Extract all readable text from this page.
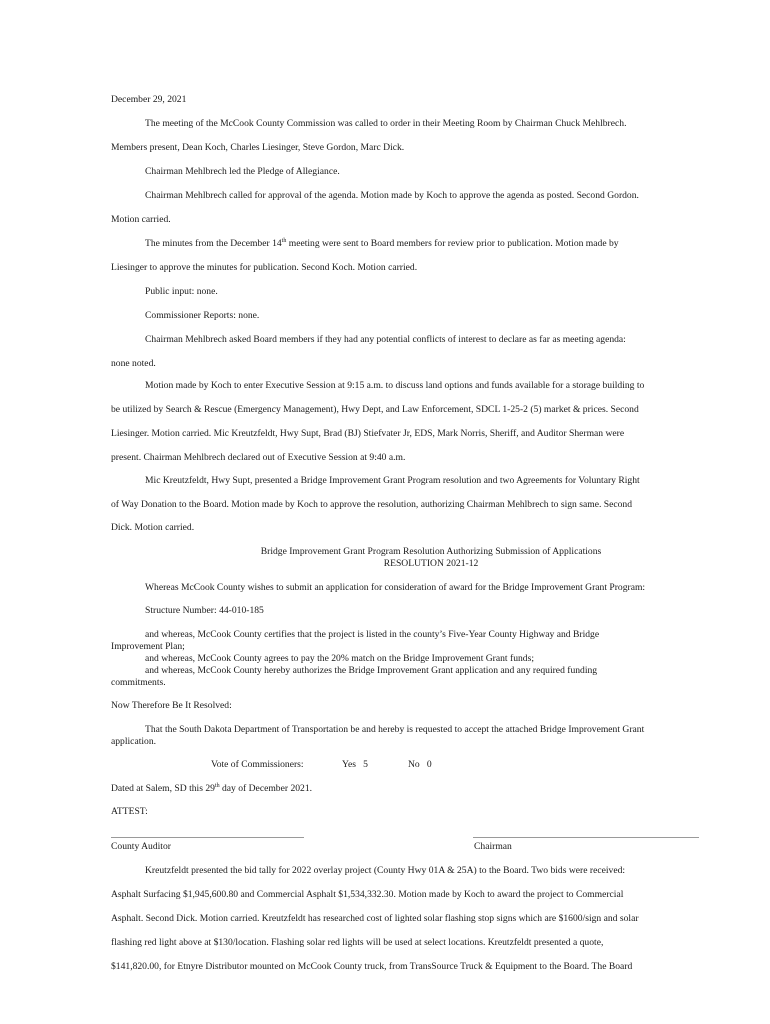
December 29, 2021
The meeting of the McCook County Commission was called to order in their Meeting Room by Chairman Chuck Mehlbrech.
Members present, Dean Koch, Charles Liesinger, Steve Gordon, Marc Dick.
Chairman Mehlbrech led the Pledge of Allegiance.
Chairman Mehlbrech called for approval of the agenda. Motion made by Koch to approve the agenda as posted. Second Gordon.
Motion carried.
The minutes from the December 14th meeting were sent to Board members for review prior to publication. Motion made by
Liesinger to approve the minutes for publication. Second Koch. Motion carried.
Public input: none.
Commissioner Reports: none.
Chairman Mehlbrech asked Board members if they had any potential conflicts of interest to declare as far as meeting agenda:
none noted.
Motion made by Koch to enter Executive Session at 9:15 a.m. to discuss land options and funds available for a storage building to
be utilized by Search & Rescue (Emergency Management), Hwy Dept, and Law Enforcement, SDCL 1-25-2 (5) market & prices. Second
Liesinger. Motion carried. Mic Kreutzfeldt, Hwy Supt, Brad (BJ) Stiefvater Jr, EDS, Mark Norris, Sheriff, and Auditor Sherman were
present. Chairman Mehlbrech declared out of Executive Session at 9:40 a.m.
Mic Kreutzfeldt, Hwy Supt, presented a Bridge Improvement Grant Program resolution and two Agreements for Voluntary Right
of Way Donation to the Board. Motion made by Koch to approve the resolution, authorizing Chairman Mehlbrech to sign same. Second
Dick. Motion carried.
Bridge Improvement Grant Program Resolution Authorizing Submission of Applications
RESOLUTION 2021-12
Whereas McCook County wishes to submit an application for consideration of award for the Bridge Improvement Grant Program:
Structure Number: 44-010-185
and whereas, McCook County certifies that the project is listed in the county’s Five-Year County Highway and Bridge
Improvement Plan;
and whereas, McCook County agrees to pay the 20% match on the Bridge Improvement Grant funds;
and whereas, McCook County hereby authorizes the Bridge Improvement Grant application and any required funding
commitments.
Now Therefore Be It Resolved:
That the South Dakota Department of Transportation be and hereby is requested to accept the attached Bridge Improvement Grant
application.
Vote of Commissioners:	Yes   5	No   0
Dated at Salem, SD this 29th day of December 2021.
ATTEST:
County Auditor	Chairman
Kreutzfeldt presented the bid tally for 2022 overlay project (County Hwy 01A & 25A) to the Board. Two bids were received:
Asphalt Surfacing $1,945,600.80 and Commercial Asphalt $1,534,332.30. Motion made by Koch to award the project to Commercial
Asphalt. Second Dick. Motion carried. Kreutzfeldt has researched cost of lighted solar flashing stop signs which are $1600/sign and solar
flashing red light above at $130/location. Flashing solar red lights will be used at select locations. Kreutzfeldt presented a quote,
$141,820.00, for Etnyre Distributor mounted on McCook County truck, from TransSource Truck & Equipment to the Board. The Board
